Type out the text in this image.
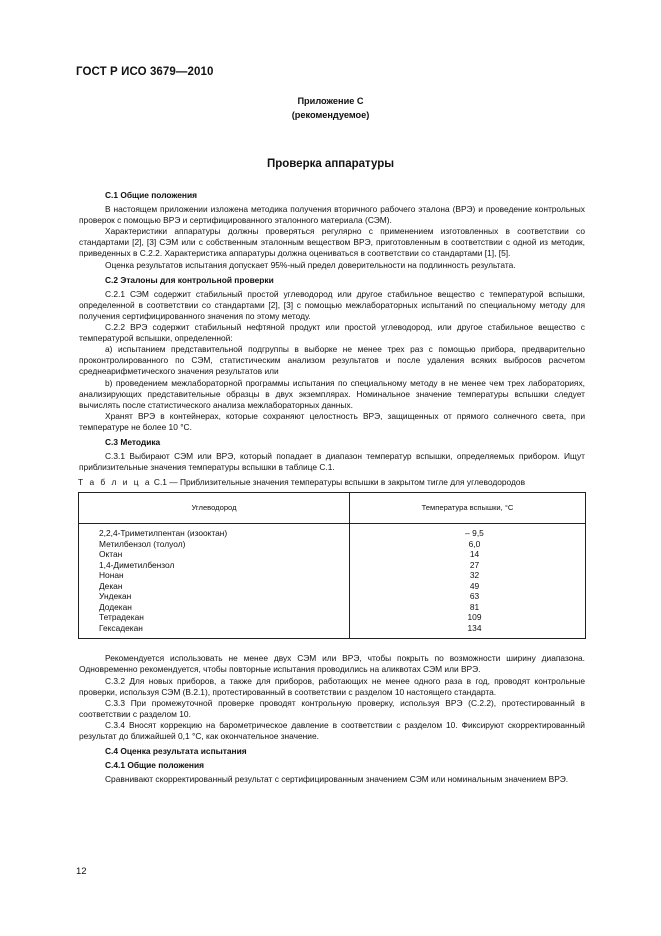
ГОСТ Р ИСО 3679—2010
Приложение С
(рекомендуемое)
Проверка аппаратуры

С.1 Общие положения

В настоящем приложении изложена методика получения вторичного рабочего эталона (ВРЭ) и проведение контрольных проверок с помощью ВРЭ и сертифицированного эталонного материала (СЭМ).

Характеристики аппаратуры должны проверяться регулярно с применением изготовленных в соответствии со стандартами [2], [3] СЭМ или с собственным эталонным веществом ВРЭ, приготовленным в соответствии с одной из методик, приведенных в С.2.2. Характеристика аппаратуры должна оцениваться в соответствии со стандартами [1], [5].

Оценка результатов испытания допускает 95%-ный предел доверительности на подлинность результата.

С.2 Эталоны для контрольной проверки

С.2.1 СЭМ содержит стабильный простой углеводород или другое стабильное вещество с температурой вспышки, определенной в соответствии со стандартами [2], [3] с помощью межлабораторных испытаний по специальному методу для получения сертифицированного значения по этому методу.

С.2.2 ВРЭ содержит стабильный нефтяной продукт или простой углеводород, или другое стабильное вещество с температурой вспышки, определенной:

а) испытанием представительной подгруппы в выборке не менее трех раз с помощью прибора, предварительно проконтролированного по СЭМ, статистическим анализом результатов и после удаления всяких выбросов расчетом среднеарифметического значения результатов или

b) проведением межлабораторной программы испытания по специальному методу в не менее чем трех лабораториях, анализирующих представительные образцы в двух экземплярах. Номинальное значение температуры вспышки следует вычислять после статистического анализа межлабораторных данных.

Хранят ВРЭ в контейнерах, которые сохраняют целостность ВРЭ, защищенных от прямого солнечного света, при температуре не более 10 °С.

С.3 Методика

С.3.1 Выбирают СЭМ или ВРЭ, который попадает в диапазон температур вспышки, определяемых прибором. Ищут приблизительные значения температуры вспышки в таблице С.1.

Т а б л и ц а С.1 — Приблизительные значения температуры вспышки в закрытом тигле для углеводородов

Углеводород	Температура вспышки, °С
2,2,4-Триметилпентан (изооктан)	– 9,5
Метилбензол (толуол)	6,0
Октан	14
1,4-Диметилбензол	27
Нонан	32
Декан	49
Ундекан	63
Додекан	81
Тетрадекан	109
Гексадекан	134

Рекомендуется использовать не менее двух СЭМ или ВРЭ, чтобы покрыть по возможности ширину диапазона. Одновременно рекомендуется, чтобы повторные испытания проводились на аликвотах СЭМ или ВРЭ.

С.3.2 Для новых приборов, а также для приборов, работающих не менее одного раза в год, проводят контрольные проверки, используя СЭМ (В.2.1), протестированный в соответствии с разделом 10 настоящего стандарта.

С.3.3 При промежуточной проверке проводят контрольную проверку, используя ВРЭ (С.2.2), протестированный в соответствии с разделом 10.

С.3.4 Вносят коррекцию на барометрическое давление в соответствии с разделом 10. Фиксируют скорректированный результат до ближайшей 0,1 °С, как окончательное значение.

С.4 Оценка результата испытания

С.4.1 Общие положения

Сравнивают скорректированный результат с сертифицированным значением СЭМ или номинальным значением ВРЭ.

12
